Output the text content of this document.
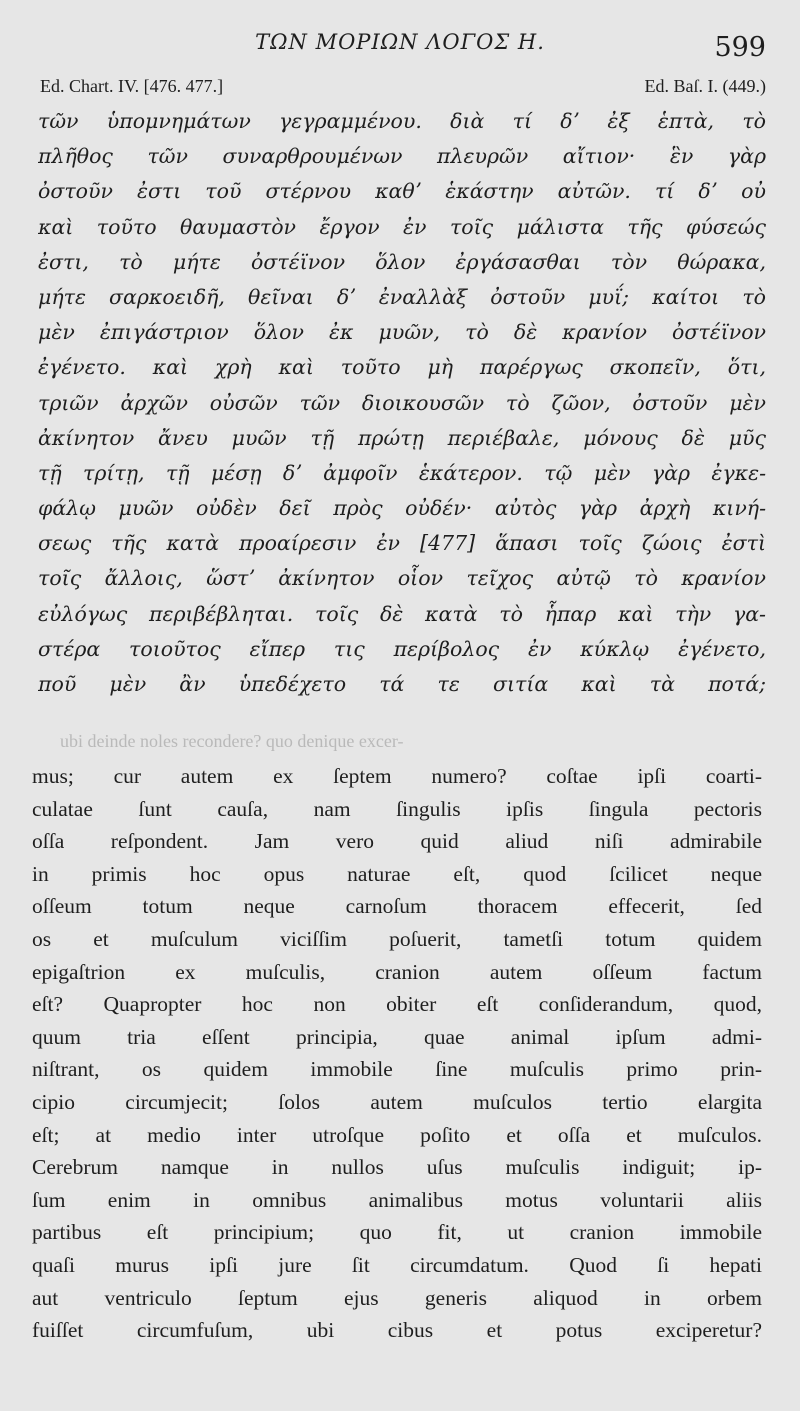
ΤΩΝ ΜΟΡΙΩΝ ΛΟΓΟΣ Η.	599
Ed. Chart. IV. [476. 477.]	Ed. Baſ. I. (449.)
τῶν ὑπομνημάτων γεγραμμένου. διὰ τί δʼ ἐξ ἑπτὰ, τὸ
πλῆθος τῶν συναρθρουμένων πλευρῶν αἴτιον· ἓν γὰρ
ὀστοῦν ἐστι τοῦ στέρνου καθʼ ἑκάστην αὐτῶν. τί δʼ οὐ
καὶ τοῦτο θαυμαστὸν ἔργον ἐν τοῖς μάλιστα τῆς φύσεώς
ἐστι, τὸ μήτε ὀστέϊνον ὅλον ἐργάσασθαι τὸν θώρακα,
μήτε σαρκοειδῆ, θεῖναι δʼ ἐναλλὰξ ὀστοῦν μυΐ; καίτοι τὸ
μὲν ἐπιγάστριον ὅλον ἐκ μυῶν, τὸ δὲ κρανίον ὀστέϊνον
ἐγένετο. καὶ χρὴ καὶ τοῦτο μὴ παρέργως σκοπεῖν, ὅτι,
τριῶν ἀρχῶν οὐσῶν τῶν διοικουσῶν τὸ ζῶον, ὀστοῦν μὲν
ἀκίνητον ἄνευ μυῶν τῇ πρώτῃ περιέβαλε, μόνους δὲ μῦς
τῇ τρίτῃ, τῇ μέσῃ δʼ ἀμφοῖν ἑκάτερον. τῷ μὲν γὰρ ἐγκε-
φάλῳ μυῶν οὐδὲν δεῖ πρὸς οὐδέν· αὐτὸς γὰρ ἀρχὴ κινή-
σεως τῆς κατὰ προαίρεσιν ἐν [477] ἅπασι τοῖς ζώοις ἐστὶ
τοῖς ἄλλοις, ὥστʼ ἀκίνητον οἷον τεῖχος αὐτῷ τὸ κρανίον
εὐλόγως περιβέβληται. τοῖς δὲ κατὰ τὸ ἧπαρ καὶ τὴν γα-
στέρα τοιοῦτος εἴπερ τις περίβολος ἐν κύκλῳ ἐγένετο,
ποῦ μὲν ἂν ὑπεδέχετο τά τε σιτία καὶ τὰ ποτά;
ubi deinde noles recondere? quo denique excer-
mus; cur autem ex ſeptem numero? coſtae ipſi coarti-
culatae ſunt cauſa, nam ſingulis ipſis ſingula pectoris
oſſa reſpondent. Jam vero quid aliud niſi admirabile
in primis hoc opus naturae eſt, quod ſcilicet neque
oſſeum totum neque carnoſum thoracem effecerit, ſed
os et muſculum viciſſim poſuerit, tametſi totum quidem
epigaſtrion ex muſculis, cranion autem oſſeum factum
eſt? Quapropter hoc non obiter eſt conſiderandum, quod,
quum tria eſſent principia, quae animal ipſum admi-
niſtrant, os quidem immobile ſine muſculis primo prin-
cipio circumjecit; ſolos autem muſculos tertio elargita
eſt; at medio inter utroſque poſito et oſſa et muſculos.
Cerebrum namque in nullos uſus muſculis indiguit; ip-
ſum enim in omnibus animalibus motus voluntarii aliis
partibus eſt principium; quo fit, ut cranion immobile
quaſi murus ipſi jure ſit circumdatum. Quod ſi hepati
aut ventriculo ſeptum ejus generis aliquod in orbem
fuiſſet circumfuſum, ubi cibus et potus exciperetur?
